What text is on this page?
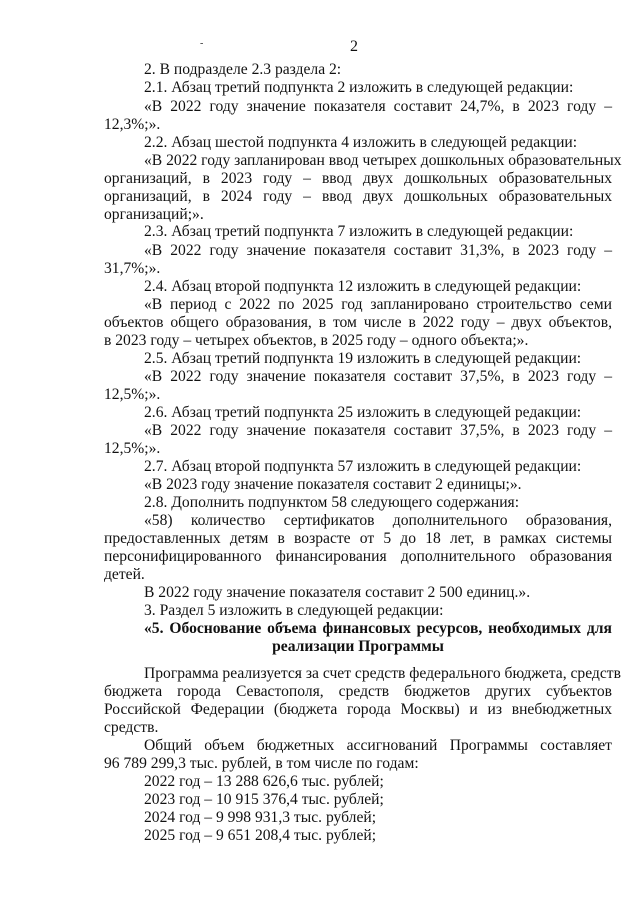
2
-
2. В подразделе 2.3 раздела 2:
2.1. Абзац третий подпункта 2 изложить в следующей редакции:
«В 2022 году значение показателя составит 24,7%, в 2023 году –
12,3%;».
2.2. Абзац шестой подпункта 4 изложить в следующей редакции:
«В 2022 году запланирован ввод четырех дошкольных образовательных
организаций, в 2023 году – ввод двух дошкольных образовательных
организаций, в 2024 году – ввод двух дошкольных образовательных
организаций;».
2.3. Абзац третий подпункта 7 изложить в следующей редакции:
«В 2022 году значение показателя составит 31,3%, в 2023 году –
31,7%;».
2.4. Абзац второй подпункта 12 изложить в следующей редакции:
«В период с 2022 по 2025 год запланировано строительство семи
объектов общего образования, в том числе в 2022 году – двух объектов,
в 2023 году – четырех объектов, в 2025 году – одного объекта;».
2.5. Абзац третий подпункта 19 изложить в следующей редакции:
«В 2022 году значение показателя составит 37,5%, в 2023 году –
12,5%;».
2.6. Абзац третий подпункта 25 изложить в следующей редакции:
«В 2022 году значение показателя составит 37,5%, в 2023 году –
12,5%;».
2.7. Абзац второй подпункта 57 изложить в следующей редакции:
«В 2023 году значение показателя составит 2 единицы;».
2.8. Дополнить подпунктом 58 следующего содержания:
«58) количество сертификатов дополнительного образования,
предоставленных детям в возрасте от 5 до 18 лет, в рамках системы
персонифицированного финансирования дополнительного образования
детей.
В 2022 году значение показателя составит 2 500 единиц.».
3. Раздел 5 изложить в следующей редакции:
«5. Обоснование объема финансовых ресурсов, необходимых для
реализации Программы
Программа реализуется за счет средств федерального бюджета, средств
бюджета города Севастополя, средств бюджетов других субъектов
Российской Федерации (бюджета города Москвы) и из внебюджетных
средств.
Общий объем бюджетных ассигнований Программы составляет
96 789 299,3 тыс. рублей, в том числе по годам:
2022 год – 13 288 626,6 тыс. рублей;
2023 год – 10 915 376,4 тыс. рублей;
2024 год – 9 998 931,3 тыс. рублей;
2025 год – 9 651 208,4 тыс. рублей;
